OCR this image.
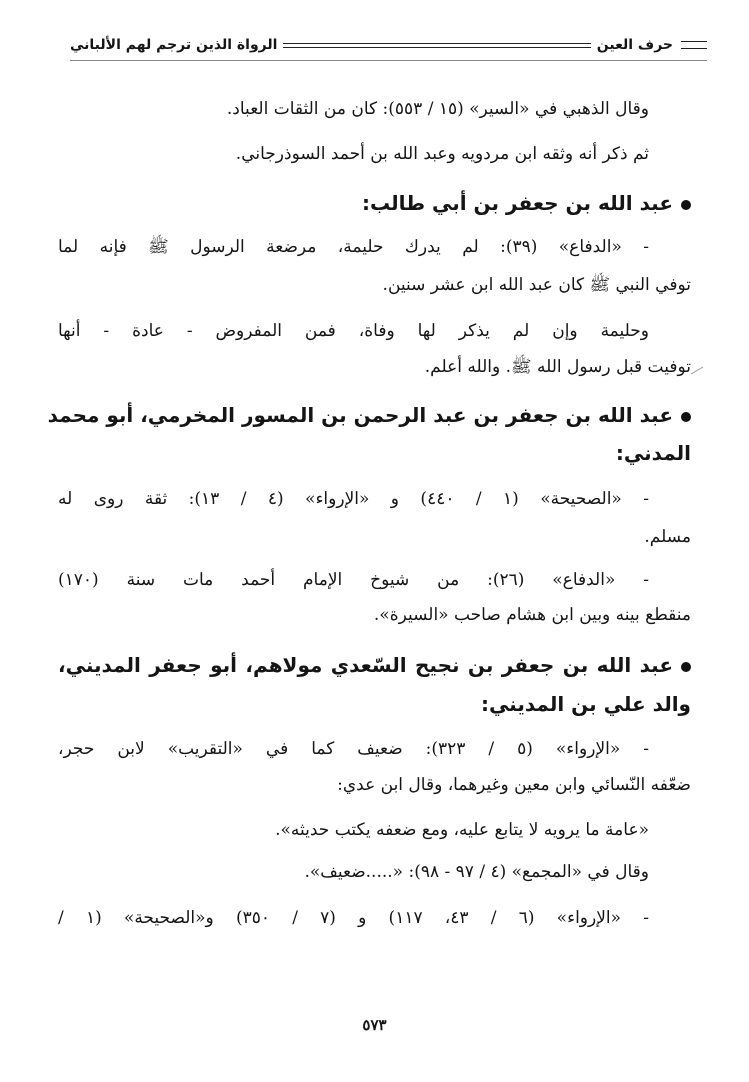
حرف العين
الرواة الذين ترجم لهم الألباني
وقال الذهبي في «السير» (١٥ / ٥٥٣): كان من الثقات العباد.
ثم ذكر أنه وثقه ابن مردويه وعبد الله بن أحمد السوذرجاني.
عبد الله بن جعفر بن أبي طالب:
- «الدفاع» (٣٩): لم يدرك حليمة، مرضعة الرسول ﷺ فإنه لما
توفي النبي ﷺ كان عبد الله ابن عشر سنين.
وحليمة وإن لم يذكر لها وفاة، فمن المفروض - عادة - أنها
توفيت قبل رسول الله ﷺ. والله أعلم.
عبد الله بن جعفر بن عبد الرحمن بن المسور المخرمي، أبو محمد
المدني:
- «الصحيحة» (١ / ٤٤٠) و «الإرواء» (٤ / ١٣): ثقة روى له
مسلم.
- «الدفاع» (٢٦): من شيوخ الإمام أحمد مات سنة (١٧٠)
منقطع بينه وبين ابن هشام صاحب «السيرة».
عبد الله بن جعفر بن نجيح السّعدي مولاهم، أبو جعفر المديني،
والد علي بن المديني:
- «الإرواء» (٥ / ٣٢٣): ضعيف كما في «التقريب» لابن حجر،
ضعّفه النّسائي وابن معين وغيرهما، وقال ابن عدي:
«عامة ما يرويه لا يتابع عليه، ومع ضعفه يكتب حديثه».
وقال في «المجمع» (٤ / ٩٧ - ٩٨): «.....ضعيف».
- «الإرواء» (٦ / ٤٣، ١١٧) و (٧ / ٣٥٠) و«الصحيحة» (١ /
٥٧٣
